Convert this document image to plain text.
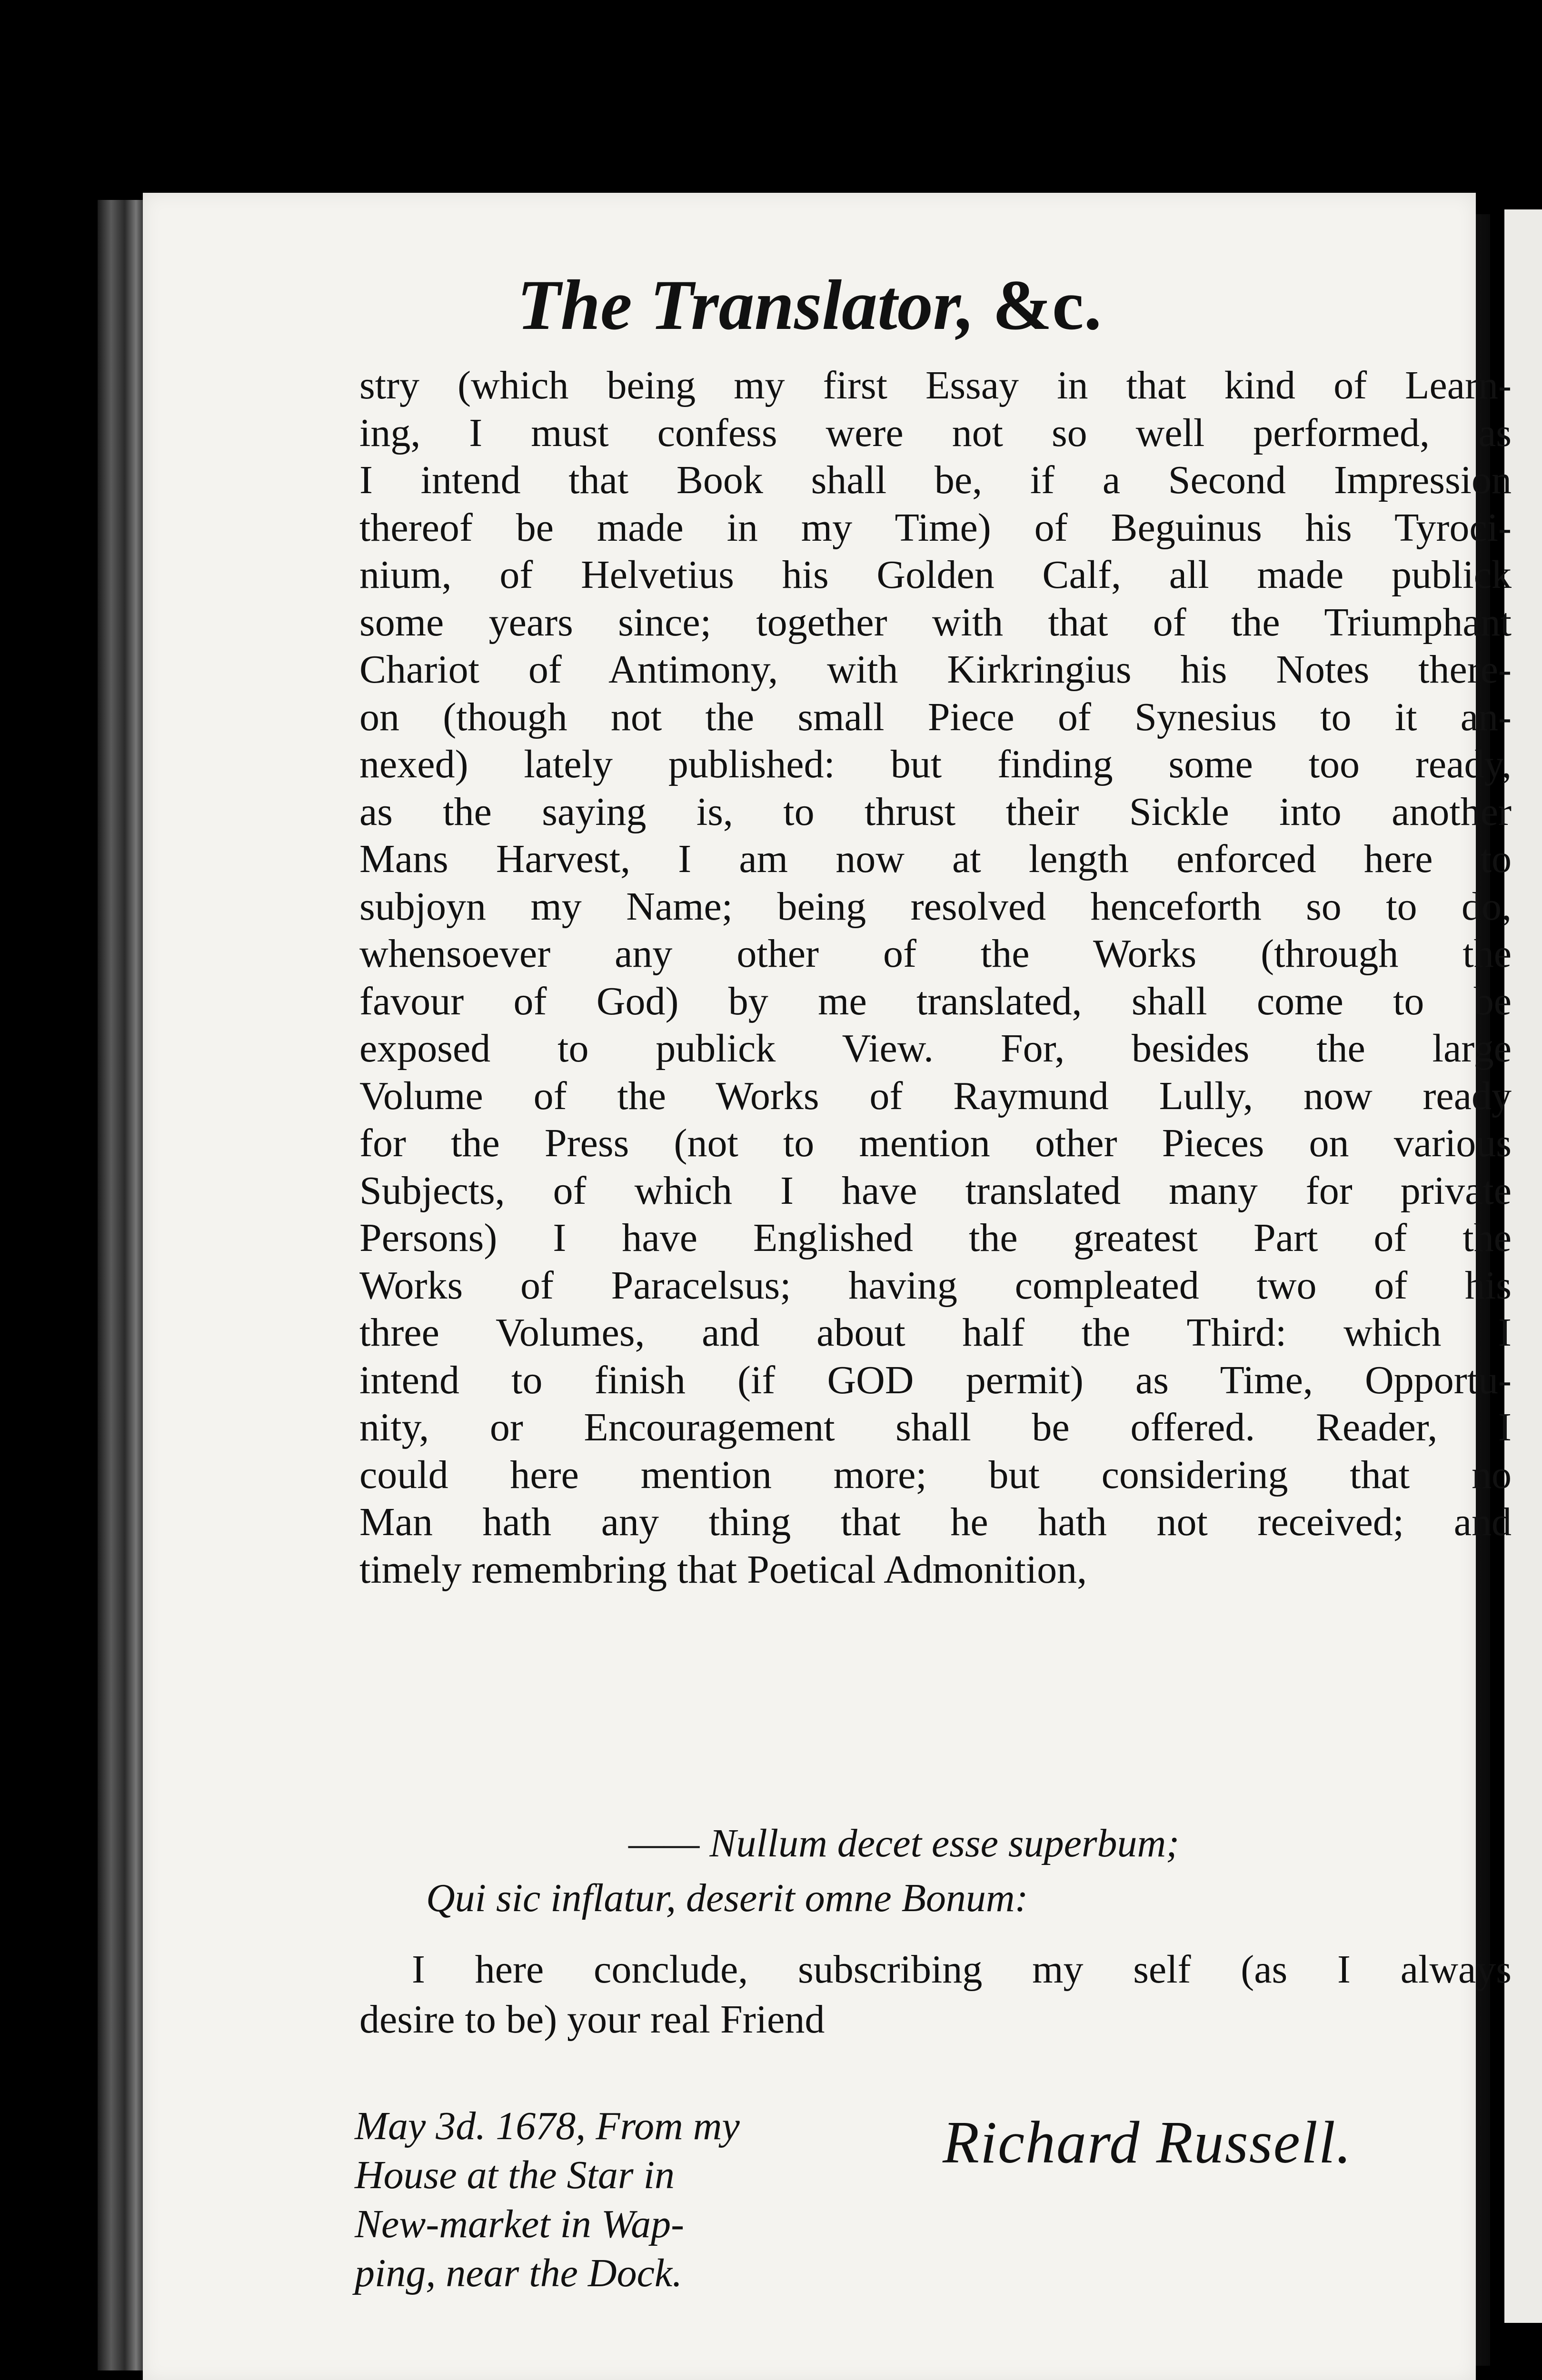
The Translator, &c.
stry (which being my first Essay in that kind of Learn-
ing, I must confess were not so well performed, as
I intend that Book shall be, if a Second Impression
thereof be made in my Time) of Beguinus his Tyroci-
nium, of Helvetius his Golden Calf, all made publick
some years since; together with that of the Triumphant
Chariot of Antimony, with Kirkringius his Notes there-
on (though not the small Piece of Synesius to it an-
nexed) lately published: but finding some too ready,
as the saying is, to thrust their Sickle into another
Mans Harvest, I am now at length enforced here to
subjoyn my Name; being resolved henceforth so to do,
whensoever any other of the Works (through the
favour of God) by me translated, shall come to be
exposed to publick View. For, besides the large
Volume of the Works of Raymund Lully, now ready
for the Press (not to mention other Pieces on various
Subjects, of which I have translated many for private
Persons) I have Englished the greatest Part of the
Works of Paracelsus; having compleated two of his
three Volumes, and about half the Third: which I
intend to finish (if GOD permit) as Time, Opportu-
nity, or Encouragement shall be offered. Reader, I
could here mention more; but considering that no
Man hath any thing that he hath not received; and
timely remembring that Poetical Admonition,
—— Nullum decet esse superbum;
Qui sic inflatur, deserit omne Bonum:
I here conclude, subscribing my self (as I always
desire to be) your real Friend
May 3d. 1678, From my
House at the Star in
New-market in Wap-
ping, near the Dock.
Richard Russell.
